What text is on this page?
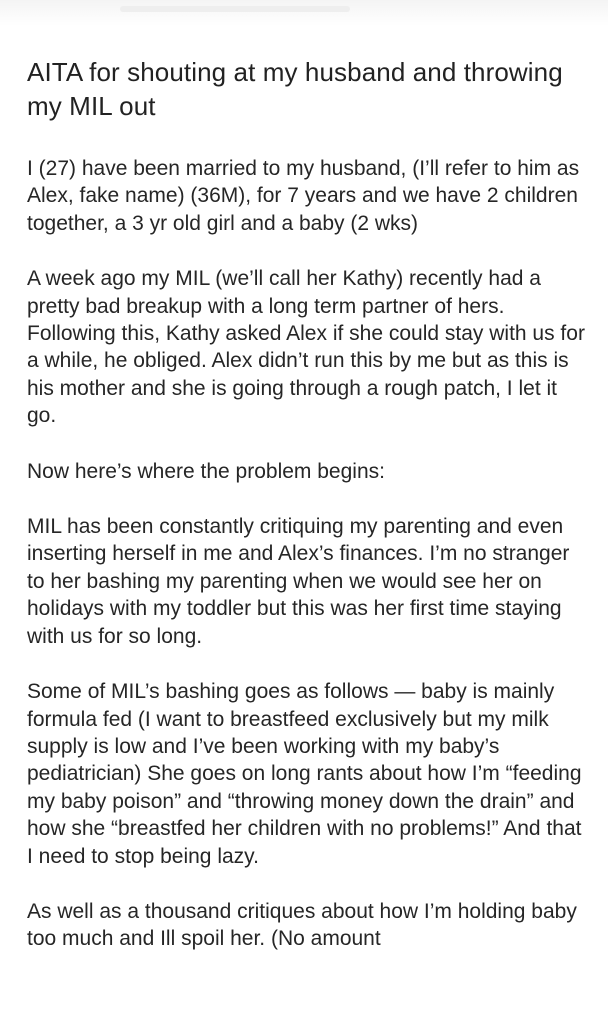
AITA for shouting at my husband and throwing my MIL out

I (27) have been married to my husband, (I’ll refer to him as Alex, fake name) (36M), for 7 years and we have 2 children together, a 3 yr old girl and a baby (2 wks)

A week ago my MIL (we’ll call her Kathy) recently had a pretty bad breakup with a long term partner of hers. Following this, Kathy asked Alex if she could stay with us for a while, he obliged. Alex didn’t run this by me but as this is his mother and she is going through a rough patch, I let it go.

Now here’s where the problem begins:

MIL has been constantly critiquing my parenting and even inserting herself in me and Alex’s finances. I’m no stranger to her bashing my parenting when we would see her on holidays with my toddler but this was her first time staying with us for so long.

Some of MIL’s bashing goes as follows — baby is mainly formula fed (I want to breastfeed exclusively but my milk supply is low and I’ve been working with my baby’s pediatrician) She goes on long rants about how I’m “feeding my baby poison” and “throwing money down the drain” and how she “breastfed her children with no problems!” And that I need to stop being lazy.

As well as a thousand critiques about how I’m holding baby too much and Ill spoil her. (No amount
